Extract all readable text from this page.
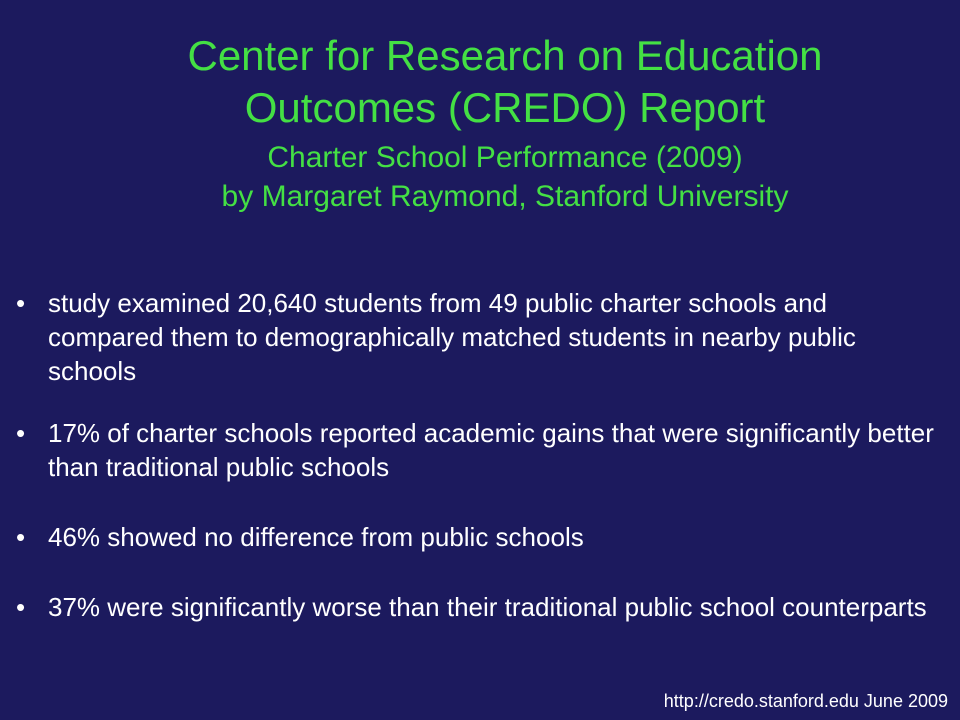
Center for Research on Education
Outcomes (CREDO) Report
Charter School Performance (2009)
by Margaret Raymond, Stanford University
• study examined 20,640 students from 49 public charter schools and compared them to demographically matched students in nearby public schools
• 17% of charter schools reported academic gains that were significantly better than traditional public schools
• 46% showed no difference from public schools
• 37% were significantly worse than their traditional public school counterparts
http://credo.stanford.edu June 2009
